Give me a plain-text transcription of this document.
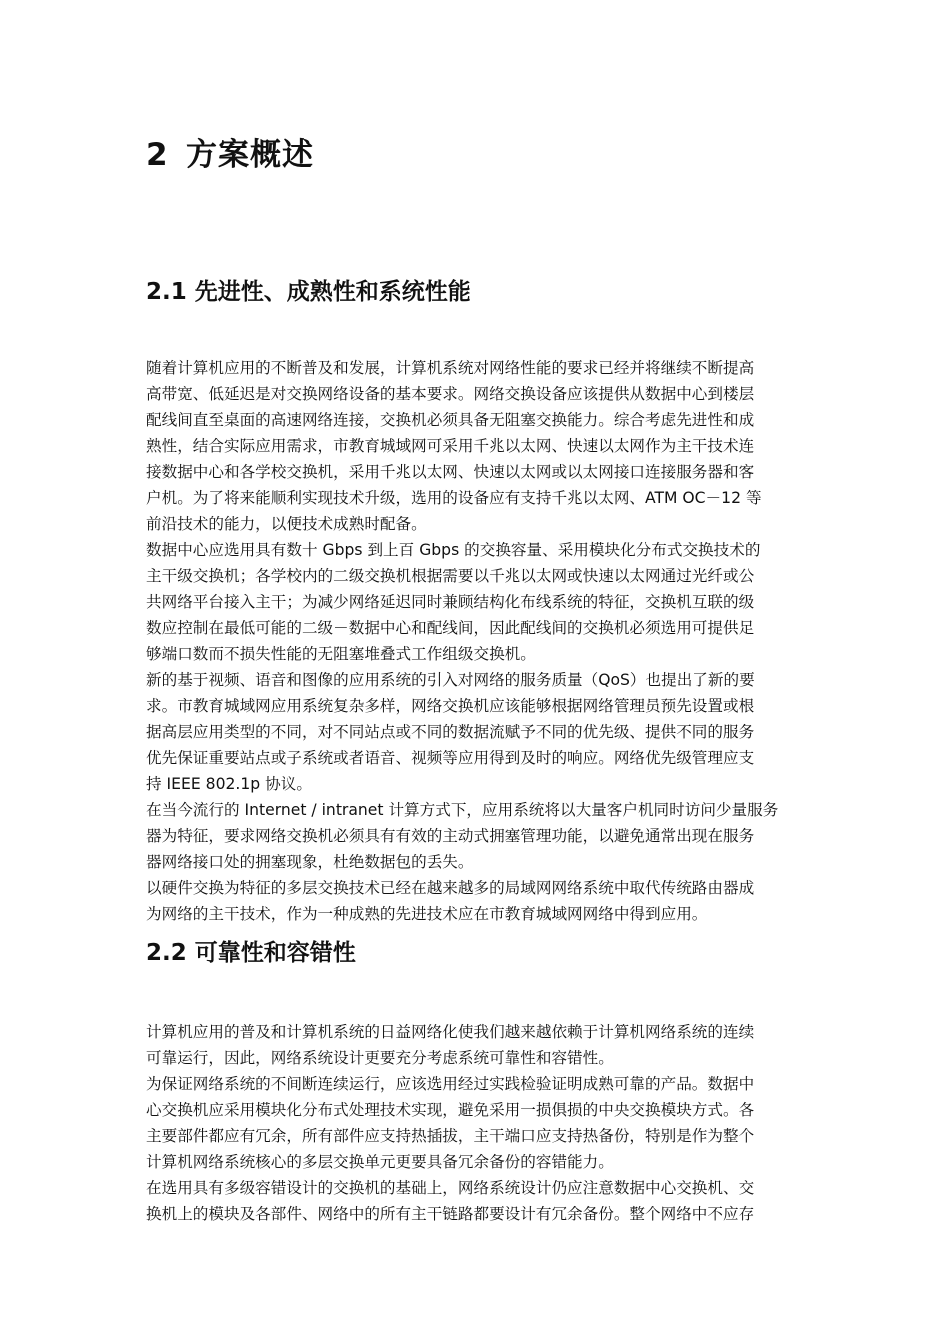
2 方案概述
2.1 先进性、成熟性和系统性能
随着计算机应用的不断普及和发展，计算机系统对网络性能的要求已经并将继续不断提高
高带宽、低延迟是对交换网络设备的基本要求。网络交换设备应该提供从数据中心到楼层
配线间直至桌面的高速网络连接，交换机必须具备无阻塞交换能力。综合考虑先进性和成
熟性，结合实际应用需求，市教育城域网可采用千兆以太网、快速以太网作为主干技术连
接数据中心和各学校交换机，采用千兆以太网、快速以太网或以太网接口连接服务器和客
户机。为了将来能顺利实现技术升级，选用的设备应有支持千兆以太网、ATM OC－12 等
前沿技术的能力，以便技术成熟时配备。
数据中心应选用具有数十 Gbps 到上百 Gbps 的交换容量、采用模块化分布式交换技术的
主干级交换机；各学校内的二级交换机根据需要以千兆以太网或快速以太网通过光纤或公
共网络平台接入主干；为减少网络延迟同时兼顾结构化布线系统的特征，交换机互联的级
数应控制在最低可能的二级－数据中心和配线间，因此配线间的交换机必须选用可提供足
够端口数而不损失性能的无阻塞堆叠式工作组级交换机。
新的基于视频、语音和图像的应用系统的引入对网络的服务质量（QoS）也提出了新的要
求。市教育城域网应用系统复杂多样，网络交换机应该能够根据网络管理员预先设置或根
据高层应用类型的不同，对不同站点或不同的数据流赋予不同的优先级、提供不同的服务
优先保证重要站点或子系统或者语音、视频等应用得到及时的响应。网络优先级管理应支
持 IEEE 802.1p 协议。
在当今流行的 Internet / intranet 计算方式下，应用系统将以大量客户机同时访问少量服务
器为特征，要求网络交换机必须具有有效的主动式拥塞管理功能，以避免通常出现在服务
器网络接口处的拥塞现象，杜绝数据包的丢失。
以硬件交换为特征的多层交换技术已经在越来越多的局域网网络系统中取代传统路由器成
为网络的主干技术，作为一种成熟的先进技术应在市教育城域网网络中得到应用。
2.2 可靠性和容错性
计算机应用的普及和计算机系统的日益网络化使我们越来越依赖于计算机网络系统的连续
可靠运行，因此，网络系统设计更要充分考虑系统可靠性和容错性。
为保证网络系统的不间断连续运行，应该选用经过实践检验证明成熟可靠的产品。数据中
心交换机应采用模块化分布式处理技术实现，避免采用一损俱损的中央交换模块方式。各
主要部件都应有冗余，所有部件应支持热插拔，主干端口应支持热备份，特别是作为整个
计算机网络系统核心的多层交换单元更要具备冗余备份的容错能力。
在选用具有多级容错设计的交换机的基础上，网络系统设计仍应注意数据中心交换机、交
换机上的模块及各部件、网络中的所有主干链路都要设计有冗余备份。整个网络中不应存
